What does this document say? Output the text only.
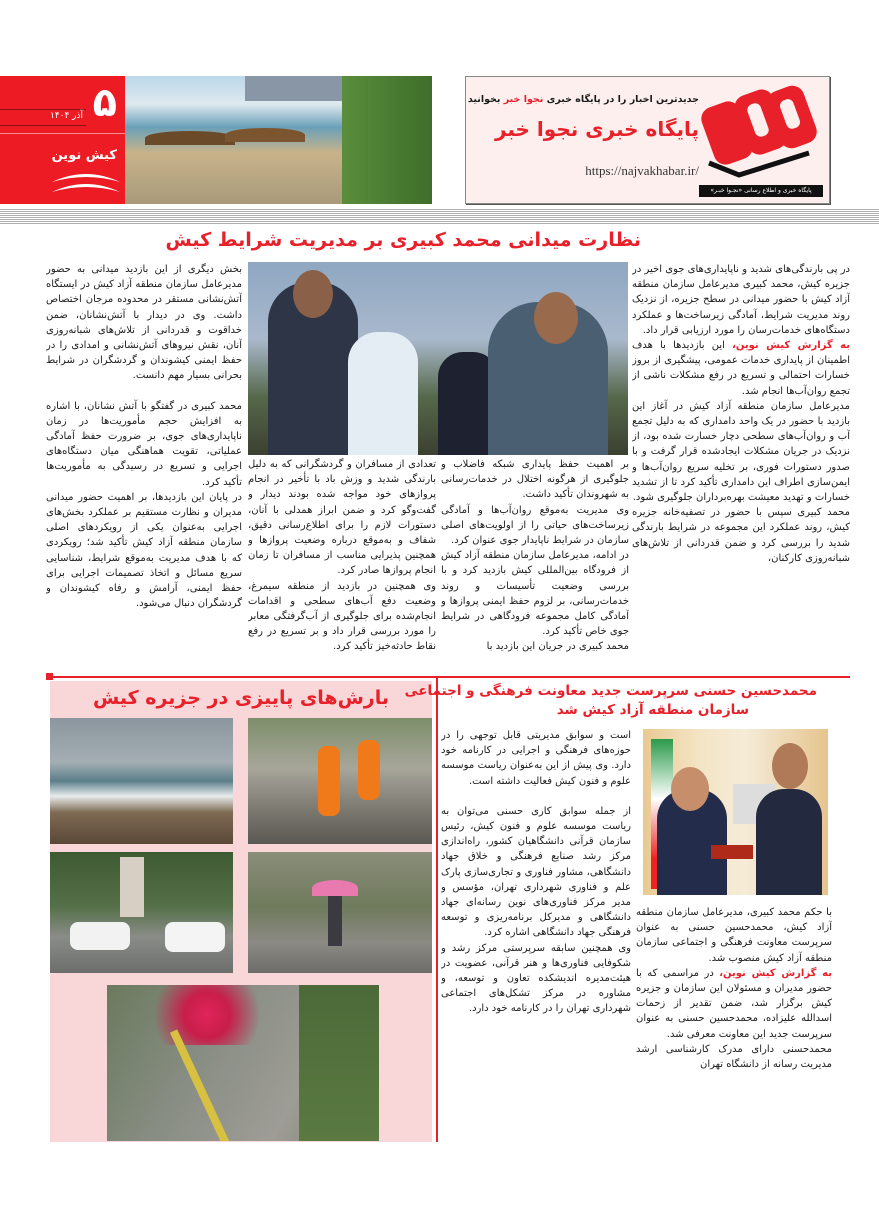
۵
آذر ۱۴۰۴
کیش نوین
جدیدترین اخبار را در پایگاه خبری نجوا خبر بخوانید
پایگاه خبری نجوا خبر
https://najvakhabar.ir/
پایگاه خبری و اطلاع رسانی «نجـوا خبـر»
نظارت میدانی محمد کبیری بر مدیریت شرایط کیش

در پی بارندگی‌های شدید و ناپایداری‌های جوی اخیر در جزیره کیش، محمد کبیری مدیرعامل سازمان منطقه آزاد کیش با حضور میدانی در سطح جزیره، از نزدیک روند مدیریت شرایط، آمادگی زیرساخت‌ها و عملکرد دستگاه‌های خدمات‌رسان را مورد ارزیابی قرار داد.

به گزارش کیش نوین، این بازدیدها با هدف اطمینان از پایداری خدمات عمومی، پیشگیری از بروز خسارات احتمالی و تسریع در رفع مشکلات ناشی از تجمع روان‌آب‌ها انجام شد.

مدیرعامل سازمان منطقه آزاد کیش در آغاز این بازدید با حضور در یک واحد دامداری که به دلیل تجمع آب و روان‌آب‌های سطحی دچار خسارت شده بود، از نزدیک در جریان مشکلات ایجادشده قرار گرفت و با صدور دستورات فوری، بر تخلیه سریع روان‌آب‌ها و ایمن‌سازی اطراف این دامداری تأکید کرد تا از تشدید خسارات و تهدید معیشت بهره‌برداران جلوگیری شود.

محمد کبیری سپس با حضور در تصفیه‌خانه جزیره کیش، روند عملکرد این مجموعه در شرایط بارندگی شدید را بررسی کرد و ضمن قدردانی از تلاش‌های شبانه‌روزی کارکنان،

بر اهمیت حفظ پایداری شبکه فاضلاب و جلوگیری از هرگونه اختلال در خدمات‌رسانی به شهروندان تأکید داشت.

وی مدیریت به‌موقع روان‌آب‌ها و آمادگی زیرساخت‌های حیاتی را از اولویت‌های اصلی سازمان در شرایط ناپایدار جوی عنوان کرد.

در ادامه، مدیرعامل سازمان منطقه آزاد کیش از فرودگاه بین‌المللی کیش بازدید کرد و با بررسی وضعیت تأسیسات و روند خدمات‌رسانی، بر لزوم حفظ ایمنی پروازها و آمادگی کامل مجموعه فرودگاهی در شرایط جوی خاص تأکید کرد.

محمد کبیری در جریان این بازدید با

تعدادی از مسافران و گردشگرانی که به دلیل بارندگی شدید و وزش باد با تأخیر در انجام پروازهای خود مواجه شده بودند دیدار و گفت‌وگو کرد و ضمن ابراز همدلی با آنان، دستورات لازم را برای اطلاع‌رسانی دقیق، شفاف و به‌موقع درباره وضعیت پروازها و همچنین پذیرایی مناسب از مسافران تا زمان انجام پروازها صادر کرد.

وی همچنین در بازدید از منطقه سیمرغ، وضعیت دفع آب‌های سطحی و اقدامات انجام‌شده برای جلوگیری از آب‌گرفتگی معابر را مورد بررسی قرار داد و بر تسریع در رفع نقاط حادثه‌خیز تأکید کرد.

بخش دیگری از این بازدید میدانی به حضور مدیرعامل سازمان منطقه آزاد کیش در ایستگاه آتش‌نشانی مستقر در محدوده مرجان اختصاص داشت. وی در دیدار با آتش‌نشانان، ضمن خداقوت و قدردانی از تلاش‌های شبانه‌روزی آنان، نقش نیروهای آتش‌نشانی و امدادی را در حفظ ایمنی کیشوندان و گردشگران در شرایط بحرانی بسیار مهم دانست.

محمد کبیری در گفتگو با آتش نشانان، با اشاره به افزایش حجم مأموریت‌ها در زمان ناپایداری‌های جوی، بر ضرورت حفظ آمادگی عملیاتی، تقویت هماهنگی میان دستگاه‌های اجرایی و تسریع در رسیدگی به مأموریت‌ها تأکید کرد.

در پایان این بازدیدها، بر اهمیت حضور میدانی مدیران و نظارت مستقیم بر عملکرد بخش‌های اجرایی به‌عنوان یکی از رویکردهای اصلی سازمان منطقه آزاد کیش تأکید شد؛ رویکردی که با هدف مدیریت به‌موقع شرایط، شناسایی سریع مسائل و اتخاذ تصمیمات اجرایی برای حفظ ایمنی، آرامش و رفاه کیشوندان و گردشگران دنبال می‌شود.

بارش‌های پاییزی در جزیره کیش	محمدحسین حسنی سرپرست جدید معاونت فرهنگی و اجتماعی
سازمان منطقه آزاد کیش شد

است و سوابق مدیریتی قابل توجهی را در حوزه‌های فرهنگی و اجرایی در کارنامه خود دارد. وی پیش از این به‌عنوان ریاست موسسه علوم و فنون کیش فعالیت داشته است.

از جمله سوابق کاری حسنی می‌توان به ریاست موسسه علوم و فنون کیش، رئیس سازمان قرآنی دانشگاهیان کشور، راه‌اندازی مرکز رشد صنایع فرهنگی و خلاق جهاد دانشگاهی، مشاور فناوری و تجاری‌سازی پارک علم و فناوری شهرداری تهران، مؤسس و مدیر مرکز فناوری‌های نوین رسانه‌ای جهاد دانشگاهی و مدیرکل برنامه‌ریزی و توسعه فرهنگی جهاد دانشگاهی اشاره کرد.

وی همچنین سابقه سرپرستی مرکز رشد و شکوفایی فناوری‌ها و هنر قرآنی، عضویت در هیئت‌مدیره اندیشکده تعاون و توسعه، و مشاوره در مرکز تشکل‌های اجتماعی شهرداری تهران را در کارنامه خود دارد.

با حکم محمد کبیری، مدیرعامل سازمان منطقه آزاد کیش، محمدحسین حسنی به عنوان سرپرست معاونت فرهنگی و اجتماعی سازمان منطقه آزاد کیش منصوب شد.

به گزارش کیش نوین، در مراسمی که با حضور مدیران و مسئولان این سازمان و جزیره کیش برگزار شد، ضمن تقدیر از زحمات اسدالله علیزاده، محمدحسین حسنی به عنوان سرپرست جدید این معاونت معرفی شد.

محمدحسنی دارای مدرک کارشناسی ارشد مدیریت رسانه از دانشگاه تهران
